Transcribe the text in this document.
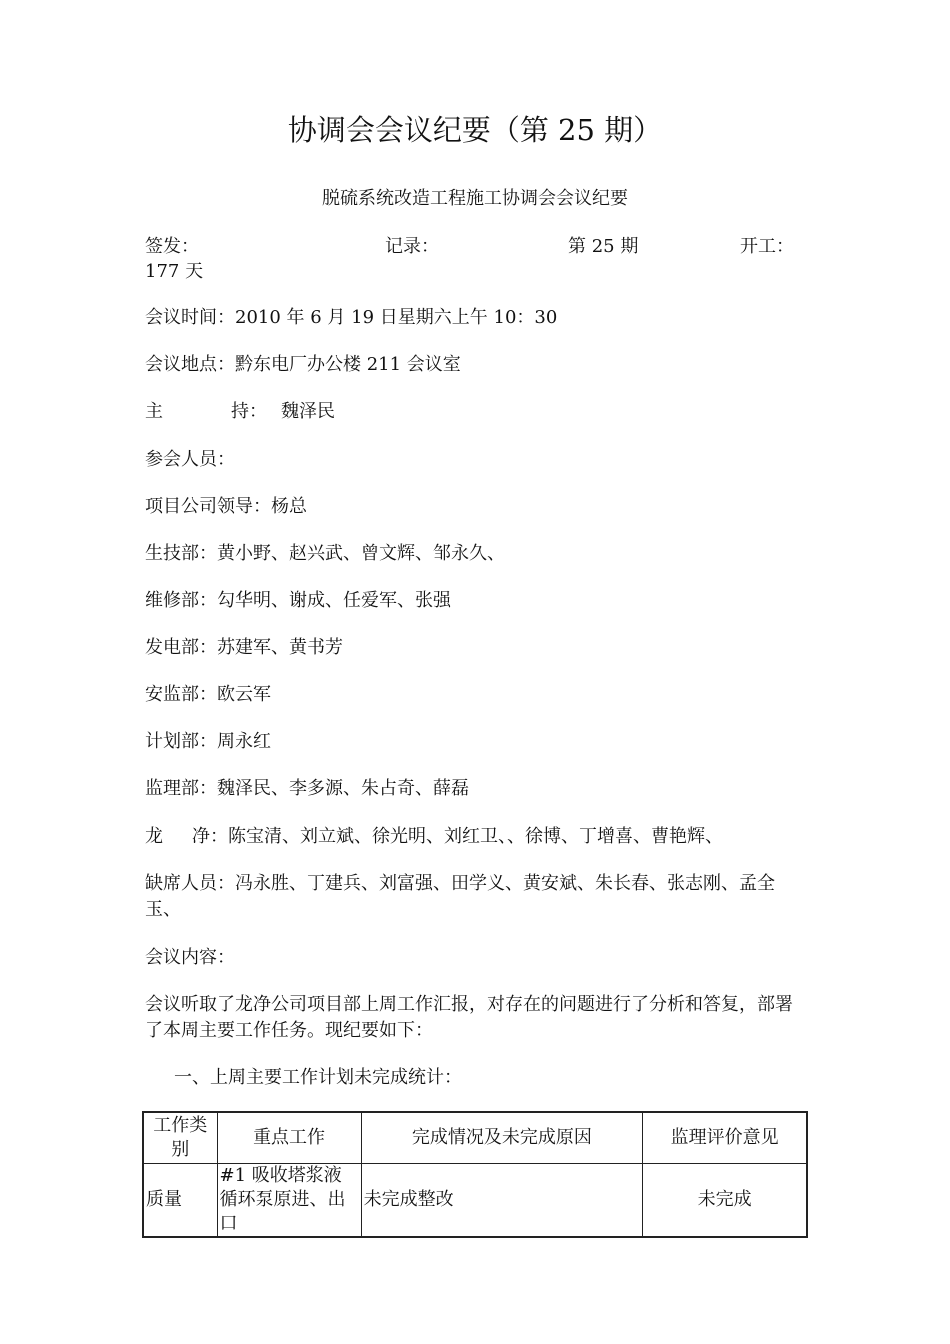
协调会会议纪要（第 25 期）
脱硫系统改造工程施工协调会会议纪要
签发：	记录：	第 25 期	开工：
177 天
会议时间：2010 年 6 月 19 日星期六上午 10：30
会议地点：黔东电厂办公楼 211 会议室
主	持： 魏泽民
参会人员：
项目公司领导：杨总
生技部：黄小野、赵兴武、曾文辉、邹永久、
维修部：勾华明、谢成、任爱军、张强
发电部：苏建军、黄书芳
安监部：欧云军
计划部：周永红
监理部：魏泽民、李多源、朱占奇、薛磊
龙 净：陈宝清、刘立斌、徐光明、刘红卫、、徐博、丁增喜、曹艳辉、
缺席人员：冯永胜、丁建兵、刘富强、田学义、黄安斌、朱长春、张志刚、孟全玉、
会议内容：
会议听取了龙净公司项目部上周工作汇报，对存在的问题进行了分析和答复，部署了本周主要工作任务。现纪要如下：
一、上周主要工作计划未完成统计：
工作类别	重点工作	完成情况及未完成原因	监理评价意见
质量	#1 吸收塔浆液循环泵原进、出口	未完成整改	未完成
